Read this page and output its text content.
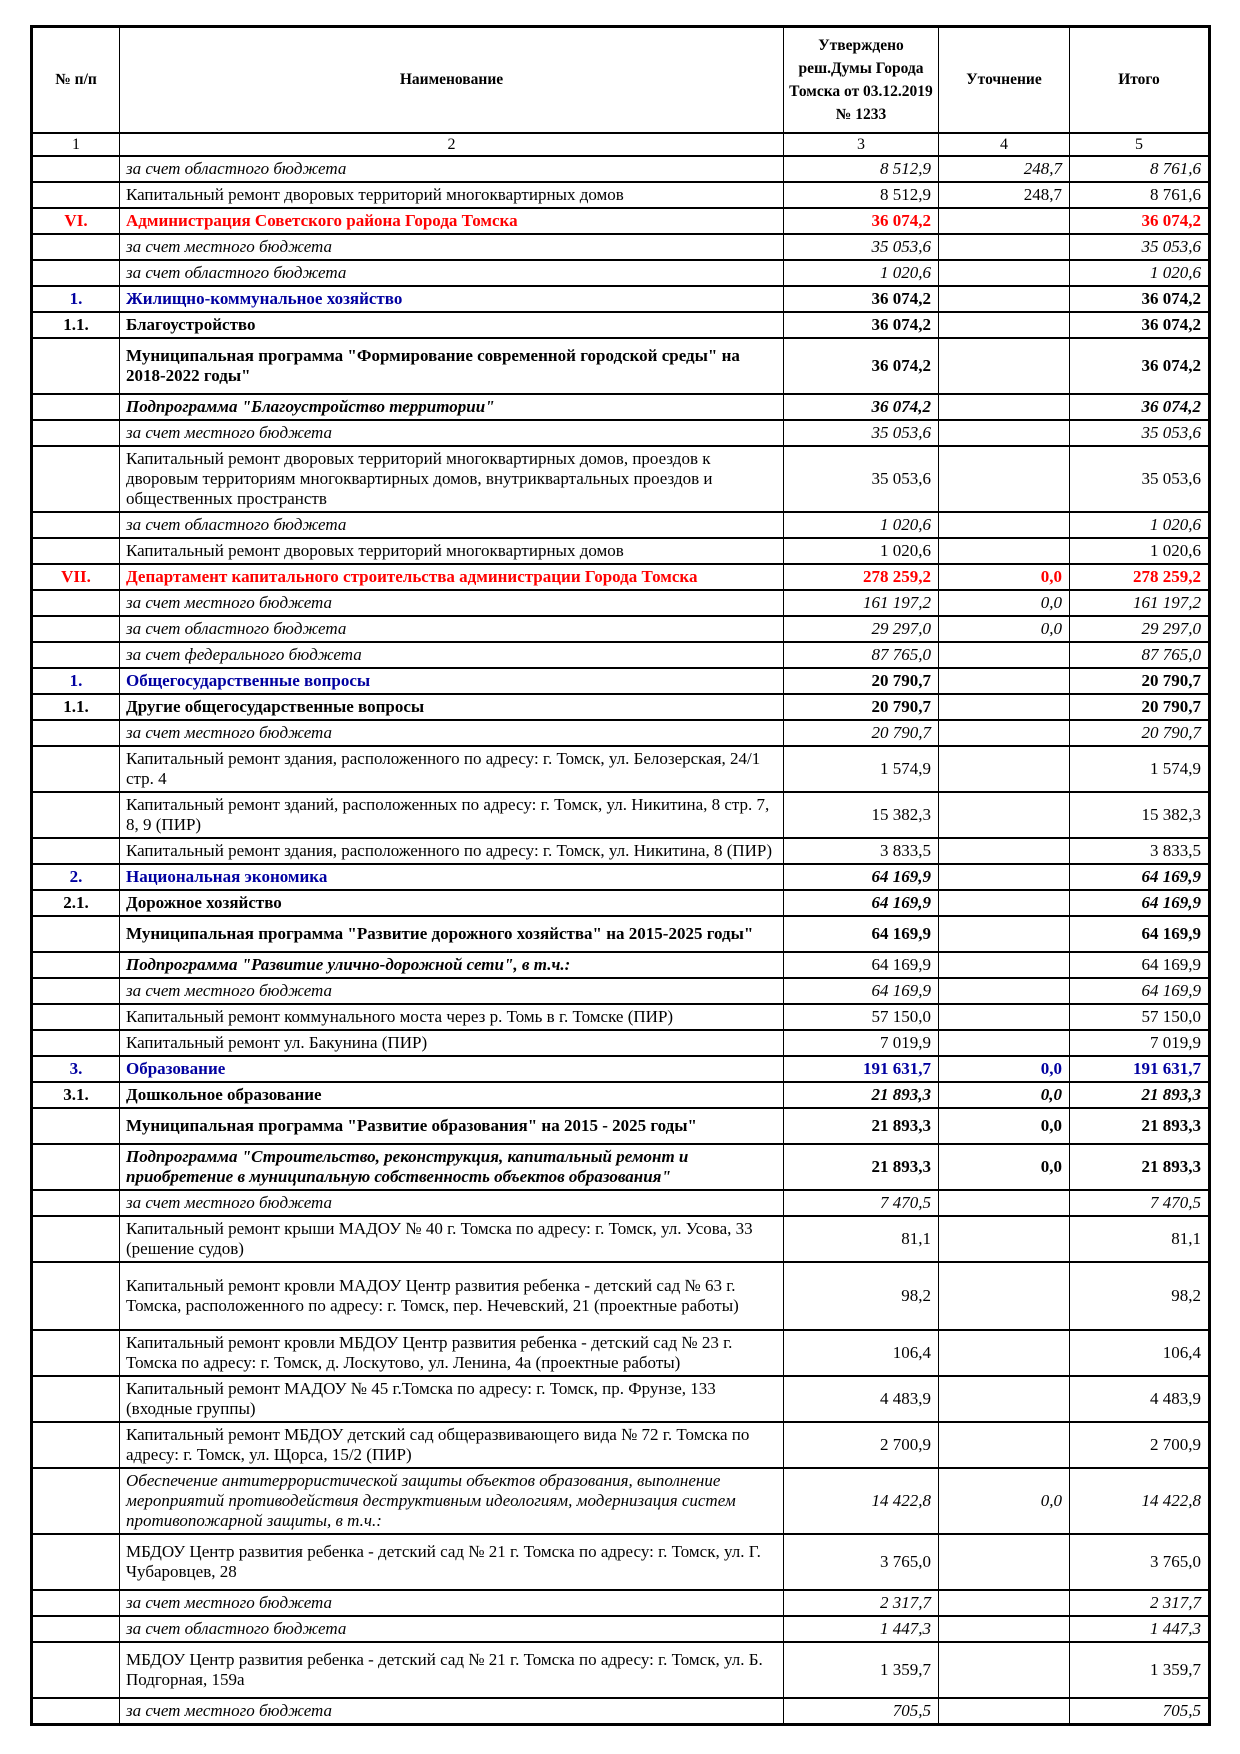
№ п/п	Наименование	Утверждено реш.Думы Города Томска от 03.12.2019 № 1233	Уточнение	Итого
1	2	3	4	5
	за счет областного бюджета	8 512,9	248,7	8 761,6
	Капитальный ремонт дворовых территорий многоквартирных домов	8 512,9	248,7	8 761,6
VI.	Администрация Советского района Города Томска	36 074,2		36 074,2
	за счет местного бюджета	35 053,6		35 053,6
	за счет областного бюджета	1 020,6		1 020,6
1.	Жилищно-коммунальное хозяйство	36 074,2		36 074,2
1.1.	Благоустройство	36 074,2		36 074,2
	Муниципальная программа "Формирование современной городской среды" на 2018-2022 годы"	36 074,2		36 074,2
	Подпрограмма "Благоустройство территории"	36 074,2		36 074,2
	за счет местного бюджета	35 053,6		35 053,6
	Капитальный ремонт дворовых территорий многоквартирных домов, проездов к дворовым территориям многоквартирных домов, внутриквартальных проездов и общественных пространств	35 053,6		35 053,6
	за счет областного бюджета	1 020,6		1 020,6
	Капитальный ремонт дворовых территорий многоквартирных домов	1 020,6		1 020,6
VII.	Департамент капитального строительства администрации Города Томска	278 259,2	0,0	278 259,2
	за счет местного бюджета	161 197,2	0,0	161 197,2
	за счет областного бюджета	29 297,0	0,0	29 297,0
	за счет федерального бюджета	87 765,0		87 765,0
1.	Общегосударственные вопросы	20 790,7		20 790,7
1.1.	Другие общегосударственные вопросы	20 790,7		20 790,7
	за счет местного бюджета	20 790,7		20 790,7
	Капитальный ремонт здания, расположенного по адресу: г. Томск, ул. Белозерская, 24/1 стр. 4	1 574,9		1 574,9
	Капитальный ремонт зданий, расположенных по адресу: г. Томск, ул. Никитина, 8 стр. 7, 8, 9 (ПИР)	15 382,3		15 382,3
	Капитальный ремонт здания, расположенного по адресу: г. Томск, ул. Никитина, 8 (ПИР)	3 833,5		3 833,5
2.	Национальная экономика	64 169,9		64 169,9
2.1.	Дорожное хозяйство	64 169,9		64 169,9
	Муниципальная программа "Развитие дорожного хозяйства" на 2015-2025 годы"	64 169,9		64 169,9
	Подпрограмма "Развитие улично-дорожной сети", в т.ч.:	64 169,9		64 169,9
	за счет местного бюджета	64 169,9		64 169,9
	Капитальный ремонт коммунального моста через р. Томь в г. Томске (ПИР)	57 150,0		57 150,0
	Капитальный ремонт ул. Бакунина (ПИР)	7 019,9		7 019,9
3.	Образование	191 631,7	0,0	191 631,7
3.1.	Дошкольное образование	21 893,3	0,0	21 893,3
	Муниципальная программа "Развитие образования" на 2015 - 2025 годы"	21 893,3	0,0	21 893,3
	Подпрограмма "Строительство, реконструкция, капитальный ремонт и приобретение в муниципальную собственность объектов образования"	21 893,3	0,0	21 893,3
	за счет местного бюджета	7 470,5		7 470,5
	Капитальный ремонт крыши МАДОУ № 40 г. Томска по адресу: г. Томск, ул. Усова, 33 (решение судов)	81,1		81,1
	Капитальный ремонт кровли МАДОУ Центр развития ребенка - детский сад № 63 г. Томска, расположенного по адресу: г. Томск, пер. Нечевский, 21 (проектные работы)	98,2		98,2
	Капитальный ремонт кровли МБДОУ Центр развития ребенка - детский сад № 23 г. Томска по адресу: г. Томск, д. Лоскутово, ул. Ленина, 4а (проектные работы)	106,4		106,4
	Капитальный ремонт МАДОУ № 45 г.Томска по адресу: г. Томск, пр. Фрунзе, 133 (входные группы)	4 483,9		4 483,9
	Капитальный ремонт МБДОУ детский сад общеразвивающего вида № 72 г. Томска по адресу: г. Томск, ул. Щорса, 15/2 (ПИР)	2 700,9		2 700,9
	Обеспечение антитеррористической защиты объектов образования, выполнение мероприятий противодействия деструктивным идеологиям, модернизация систем противопожарной защиты, в т.ч.:	14 422,8	0,0	14 422,8
	МБДОУ Центр развития ребенка - детский сад № 21 г. Томска по адресу: г. Томск, ул. Г. Чубаровцев, 28	3 765,0		3 765,0
	за счет местного бюджета	2 317,7		2 317,7
	за счет областного бюджета	1 447,3		1 447,3
	МБДОУ Центр развития ребенка - детский сад № 21 г. Томска по адресу: г. Томск, ул. Б. Подгорная, 159а	1 359,7		1 359,7
	за счет местного бюджета	705,5		705,5
